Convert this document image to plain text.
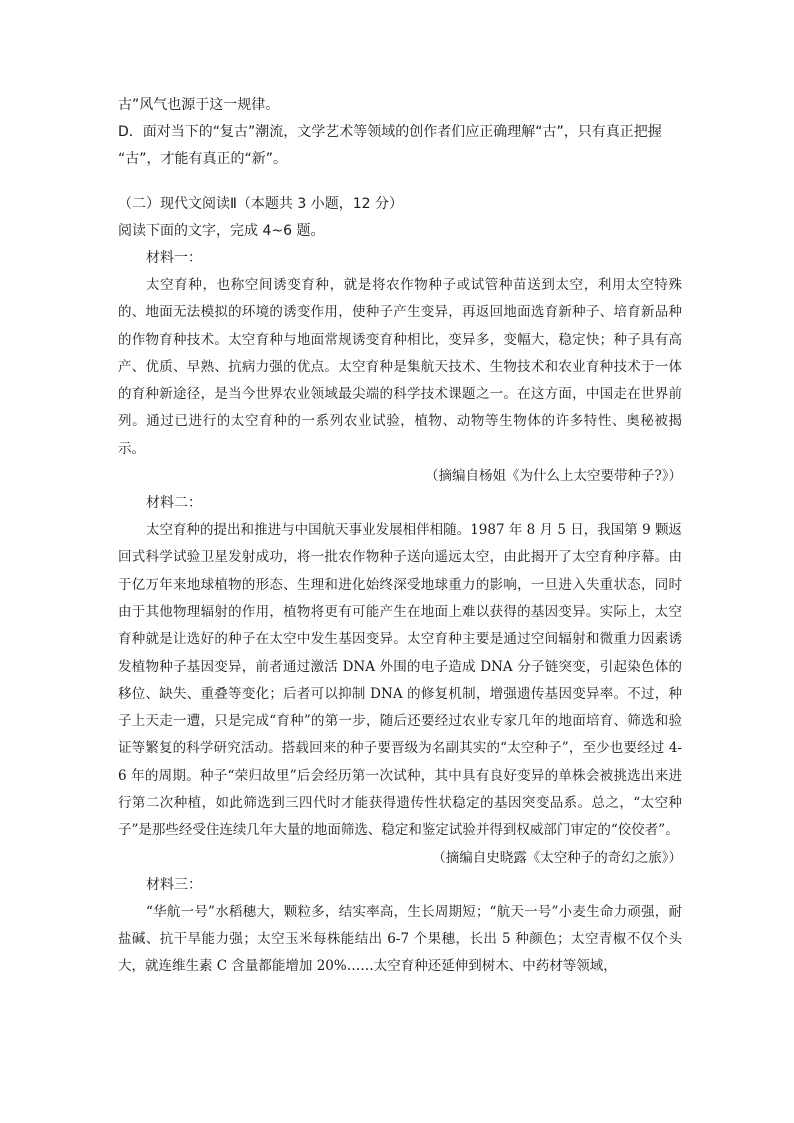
古”风气也源于这一规律。

D．面对当下的“复古”潮流，文学艺术等领域的创作者们应正确理解“古”，只有真正把握

“古”，才能有真正的“新”。

（二）现代文阅读Ⅱ（本题共 3 小题，12 分）

阅读下面的文字，完成 4~6 题。

材料一：

太空育种，也称空间诱变育种，就是将农作物种子或试管种苗送到太空，利用太空特殊的、地面无法模拟的环境的诱变作用，使种子产生变异，再返回地面选育新种子、培育新品种的作物育种技术。太空育种与地面常规诱变育种相比，变异多，变幅大，稳定快；种子具有高产、优质、早熟、抗病力强的优点。太空育种是集航天技术、生物技术和农业育种技术于一体的育种新途径，是当今世界农业领域最尖端的科学技术课题之一。在这方面，中国走在世界前列。通过已进行的太空育种的一系列农业试验，植物、动物等生物体的许多特性、奥秘被揭示。

（摘编自杨姐《为什么上太空要带种子?》）

材料二：

太空育种的提出和推进与中国航天事业发展相伴相随。1987 年 8 月 5 日，我国第 9 颗返回式科学试验卫星发射成功，将一批农作物种子送向遥远太空，由此揭开了太空育种序幕。由于亿万年来地球植物的形态、生理和进化始终深受地球重力的影响，一旦进入失重状态，同时由于其他物理辐射的作用，植物将更有可能产生在地面上难以获得的基因变异。实际上，太空育种就是让选好的种子在太空中发生基因变异。太空育种主要是通过空间辐射和微重力因素诱发植物种子基因变异，前者通过激活 DNA 外围的电子造成 DNA 分子链突变，引起染色体的移位、缺失、重叠等变化；后者可以抑制 DNA 的修复机制，增强遗传基因变异率。不过，种子上天走一遭，只是完成“育种”的第一步，随后还要经过农业专家几年的地面培育、筛选和验证等繁复的科学研究活动。搭载回来的种子要晋级为名副其实的“太空种子”，至少也要经过 4-6 年的周期。种子“荣归故里”后会经历第一次试种，其中具有良好变异的单株会被挑选出来进行第二次种植，如此筛选到三四代时才能获得遗传性状稳定的基因突变品系。总之，“太空种子”是那些经受住连续几年大量的地面筛选、稳定和鉴定试验并得到权威部门审定的“佼佼者”。

（摘编自史晓露《太空种子的奇幻之旅》）

材料三：

“华航一号”水稻穗大，颗粒多，结实率高，生长周期短；“航天一号”小麦生命力顽强，耐盐碱、抗干旱能力强；太空玉米每株能结出 6-7 个果穗，长出 5 种颜色；太空青椒不仅个头大，就连维生素 C 含量都能增加 20%……太空育种还延伸到树木、中药材等领域，
